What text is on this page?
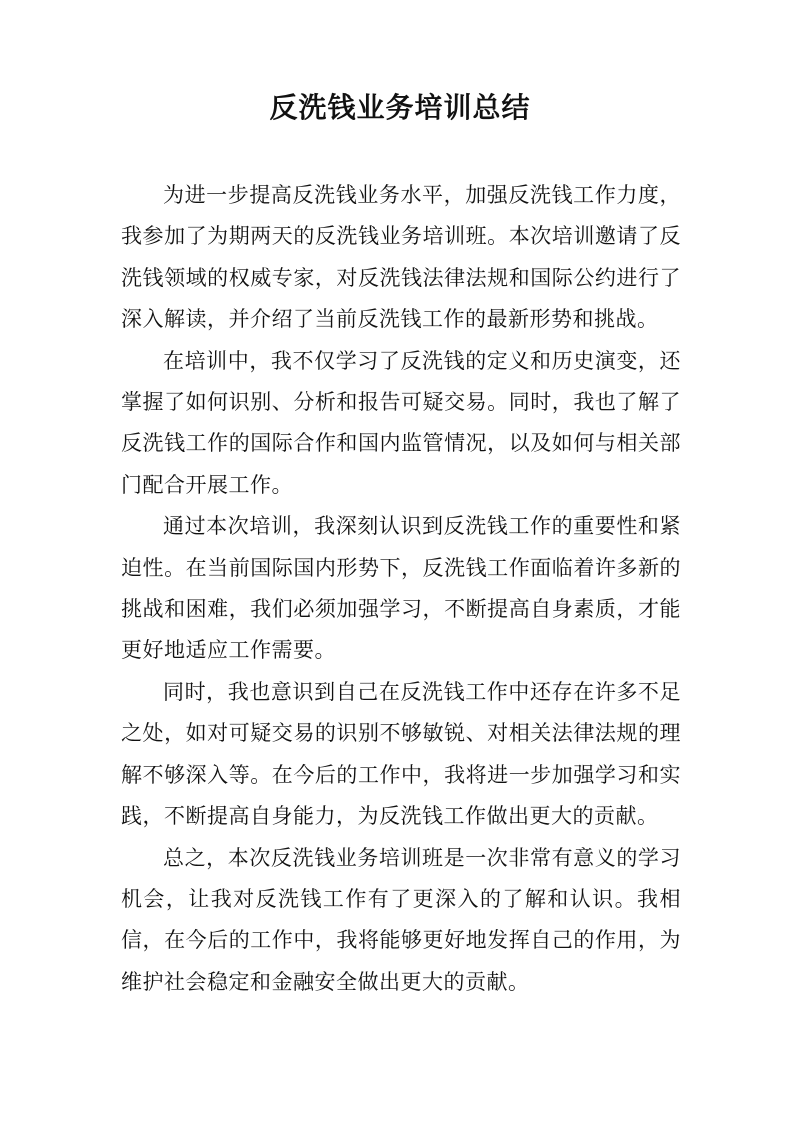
反洗钱业务培训总结

为进一步提高反洗钱业务水平，加强反洗钱工作力度，我参加了为期两天的反洗钱业务培训班。本次培训邀请了反洗钱领域的权威专家，对反洗钱法律法规和国际公约进行了深入解读，并介绍了当前反洗钱工作的最新形势和挑战。

在培训中，我不仅学习了反洗钱的定义和历史演变，还掌握了如何识别、分析和报告可疑交易。同时，我也了解了反洗钱工作的国际合作和国内监管情况，以及如何与相关部门配合开展工作。

通过本次培训，我深刻认识到反洗钱工作的重要性和紧迫性。在当前国际国内形势下，反洗钱工作面临着许多新的挑战和困难，我们必须加强学习，不断提高自身素质，才能更好地适应工作需要。

同时，我也意识到自己在反洗钱工作中还存在许多不足之处，如对可疑交易的识别不够敏锐、对相关法律法规的理解不够深入等。在今后的工作中，我将进一步加强学习和实践，不断提高自身能力，为反洗钱工作做出更大的贡献。

总之，本次反洗钱业务培训班是一次非常有意义的学习机会，让我对反洗钱工作有了更深入的了解和认识。我相信，在今后的工作中，我将能够更好地发挥自己的作用，为维护社会稳定和金融安全做出更大的贡献。
